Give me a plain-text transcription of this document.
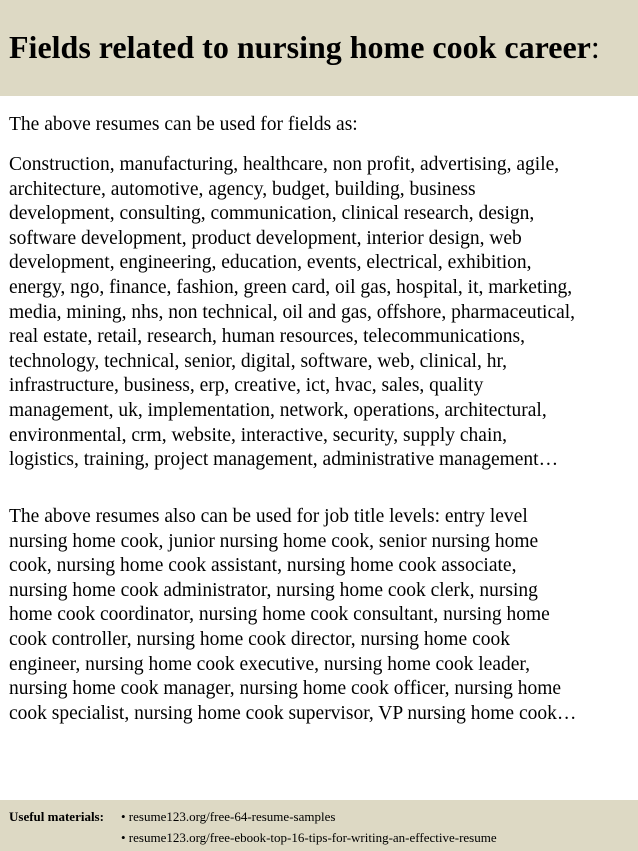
Fields related to nursing home cook career:

The above resumes can be used for fields as:

Construction, manufacturing, healthcare, non profit, advertising, agile,
architecture, automotive, agency, budget, building, business
development, consulting, communication, clinical research, design,
software development, product development, interior design, web
development, engineering, education, events, electrical, exhibition,
energy, ngo, finance, fashion, green card, oil gas, hospital, it, marketing,
media, mining, nhs, non technical, oil and gas, offshore, pharmaceutical,
real estate, retail, research, human resources, telecommunications,
technology, technical, senior, digital, software, web, clinical, hr,
infrastructure, business, erp, creative, ict, hvac, sales, quality
management, uk, implementation, network, operations, architectural,
environmental, crm, website, interactive, security, supply chain,
logistics, training, project management, administrative management…

The above resumes also can be used for job title levels: entry level
nursing home cook, junior nursing home cook, senior nursing home
cook, nursing home cook assistant, nursing home cook associate,
nursing home cook administrator, nursing home cook clerk, nursing
home cook coordinator, nursing home cook consultant, nursing home
cook controller, nursing home cook director, nursing home cook
engineer, nursing home cook executive, nursing home cook leader,
nursing home cook manager, nursing home cook officer, nursing home
cook specialist, nursing home cook supervisor, VP nursing home cook…

Useful materials: • resume123.org/free-64-resume-samples
• resume123.org/free-ebook-top-16-tips-for-writing-an-effective-resume
